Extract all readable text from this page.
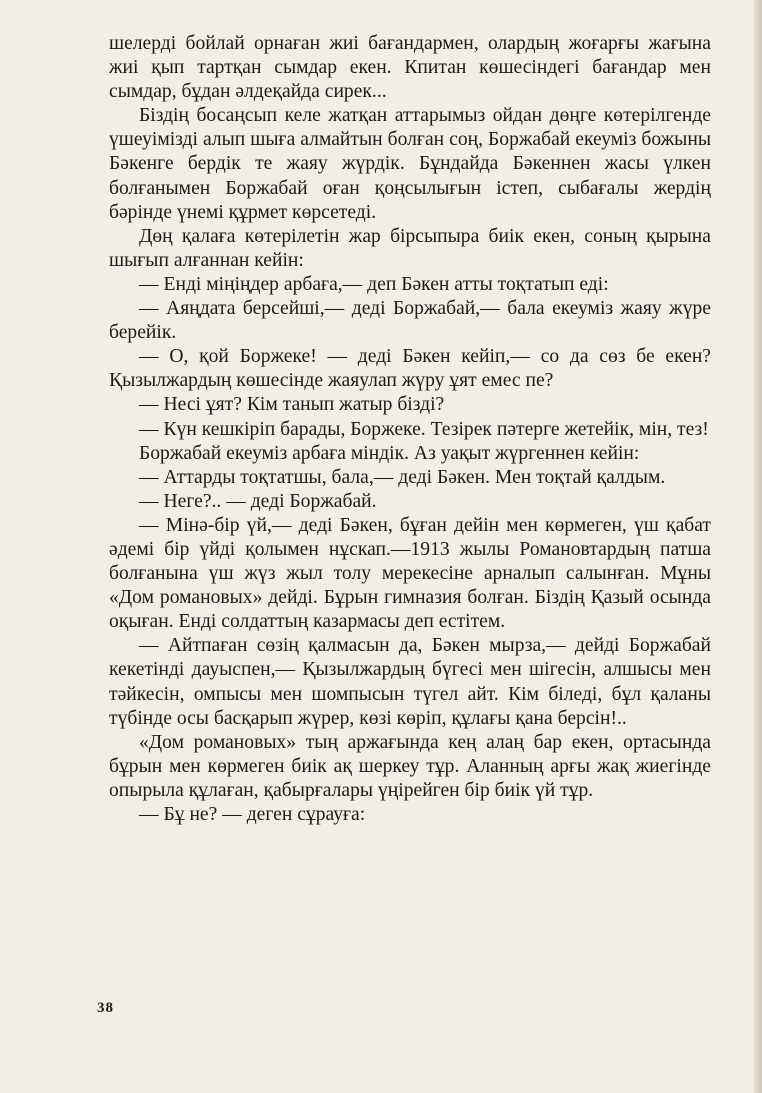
шелерді бойлай орнаған жиі бағандармен, олардың жоғарғы жағына жиі қып тартқан сымдар екен. Кпитан көшесіндегі бағандар мен сымдар, бұдан әлдеқайда сирек...

Біздің босаңсып келе жатқан аттарымыз ойдан дөңге көтерілгенде үшеуімізді алып шыға алмайтын болған соң, Боржабай екеуміз божыны Бәкенге бердік те жаяу жүрдік. Бұндайда Бәкеннен жасы үлкен болғанымен Боржабай оған қоңсылығын істеп, сыбағалы жердің бәрінде үнемі құрмет көрсетеді.

Дөң қалаға көтерілетін жар бірсыпыра биік екен, соның қырына шығып алғаннан кейін:

— Енді міңіңдер арбаға,— деп Бәкен атты тоқтатып еді:

— Аяңдата берсейші,— деді Боржабай,— бала екеуміз жаяу жүре берейік.

— О, қой Боржеке! — деді Бәкен кейіп,— со да сөз бе екен? Қызылжардың көшесінде жаяулап жүру ұят емес пе?

— Несі ұят? Кім танып жатыр бізді?

— Күн кешкіріп барады, Боржеке. Тезірек пәтерге жетейік, мін, тез!

Боржабай екеуміз арбаға міндік. Аз уақыт жүргеннен кейін:

— Аттарды тоқтатшы, бала,–– деді Бәкен. Мен тоқтай қалдым.

— Неге?.. — деді Боржабай.

— Мінә-бір үй,— деді Бәкен, бұған дейін мен көрмеген, үш қабат әдемі бір үйді қолымен нұскап.—1913 жылы Романовтардың патша болғанына үш жүз жыл толу мерекесіне арналып салынған. Мұны «Дом романовых» дейді. Бұрын гимназия болған. Біздің Қазый осында оқыған. Енді солдаттың казармасы деп естітем.

— Айтпаған сөзің қалмасын да, Бәкен мырза,— дейді Боржабай кекетінді дауыспен,— Қызылжардың бүгесі мен шігесін, алшысы мен тәйкесін, омпысы мен шомпысын түгел айт. Кім біледі, бұл қаланы түбінде осы басқарып жүрер, көзі көріп, құлағы қана берсін!..

«Дом романовых» тың аржағында кең алаң бар екен, ортасында бұрын мен көрмеген биік ақ шеркеу тұр. Аланның арғы жақ жиегінде опырыла құлаған, қабырғалары үңірейген бір биік үй тұр.

— Бұ не? — деген сұрауға:

38
